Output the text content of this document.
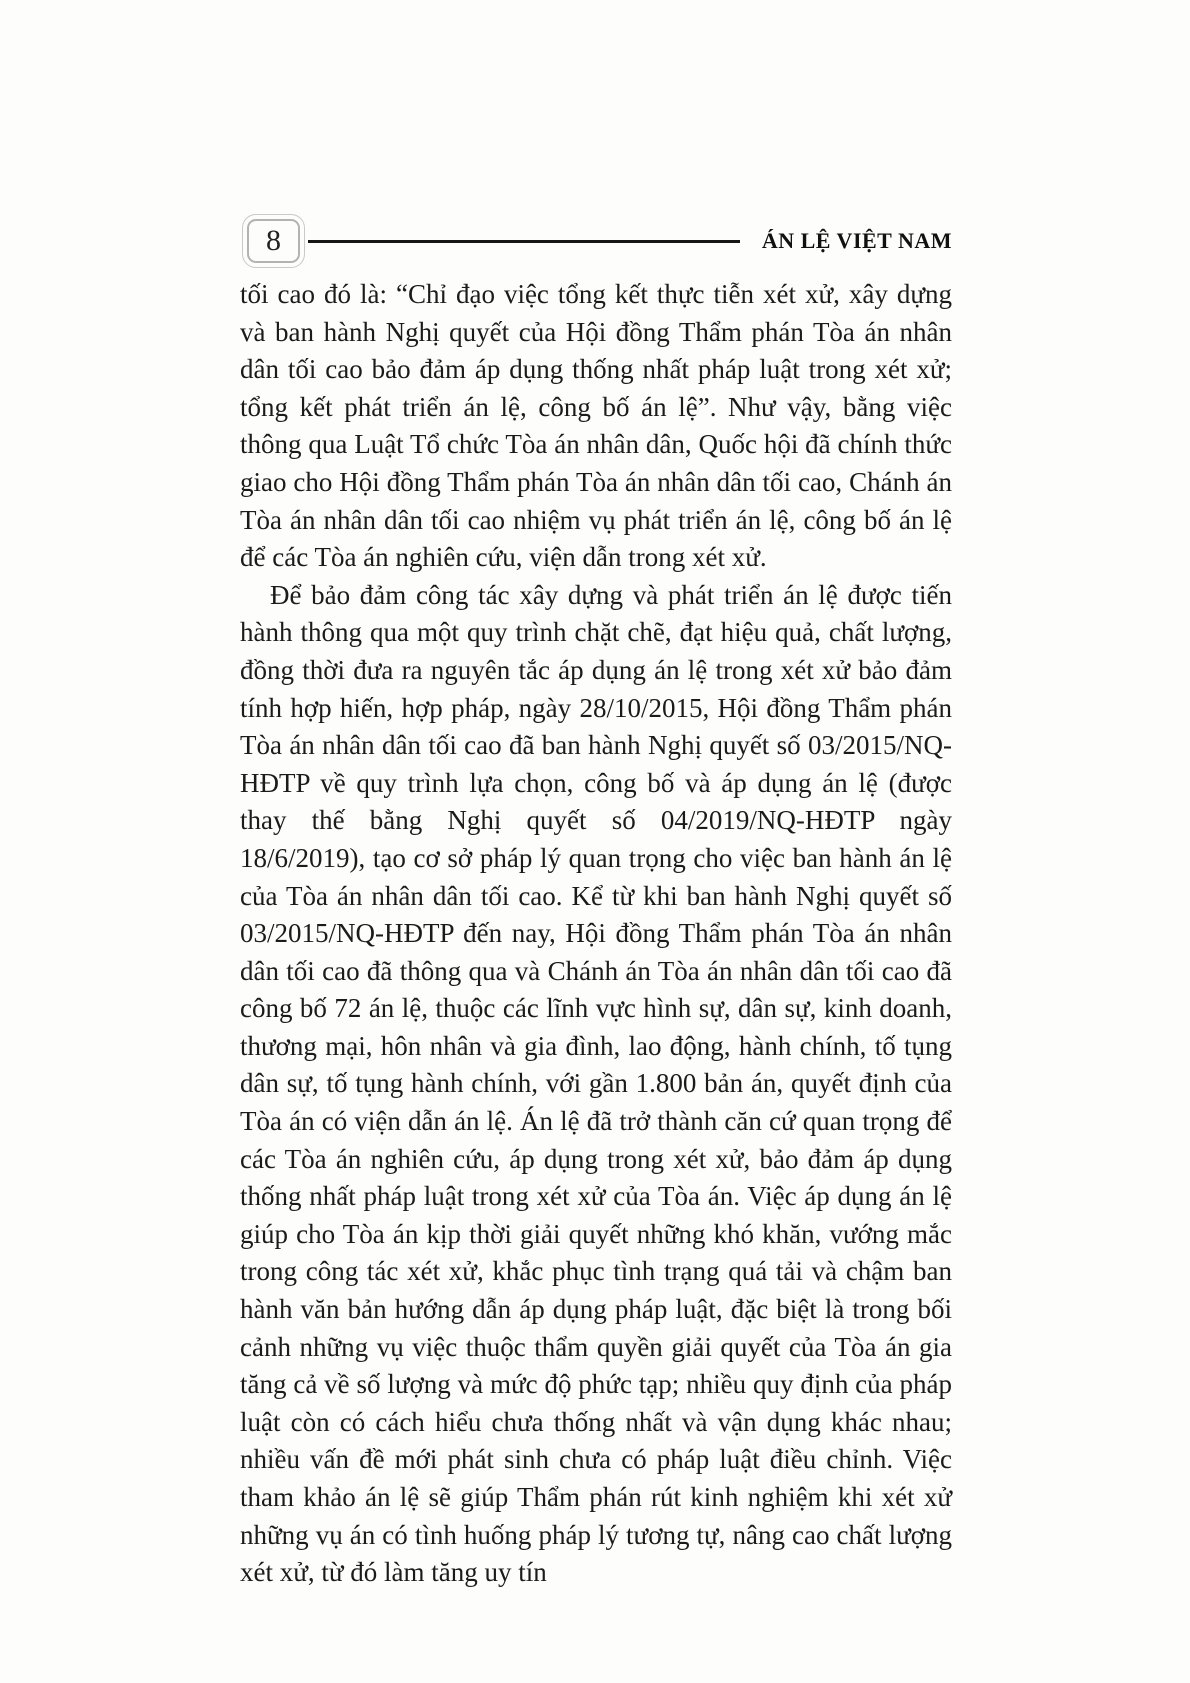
8	ÁN LỆ VIỆT NAM

tối cao đó là: “Chỉ đạo việc tổng kết thực tiễn xét xử, xây dựng và ban hành Nghị quyết của Hội đồng Thẩm phán Tòa án nhân dân tối cao bảo đảm áp dụng thống nhất pháp luật trong xét xử; tổng kết phát triển án lệ, công bố án lệ”. Như vậy, bằng việc thông qua Luật Tổ chức Tòa án nhân dân, Quốc hội đã chính thức giao cho Hội đồng Thẩm phán Tòa án nhân dân tối cao, Chánh án Tòa án nhân dân tối cao nhiệm vụ phát triển án lệ, công bố án lệ để các Tòa án nghiên cứu, viện dẫn trong xét xử.

Để bảo đảm công tác xây dựng và phát triển án lệ được tiến hành thông qua một quy trình chặt chẽ, đạt hiệu quả, chất lượng, đồng thời đưa ra nguyên tắc áp dụng án lệ trong xét xử bảo đảm tính hợp hiến, hợp pháp, ngày 28/10/2015, Hội đồng Thẩm phán Tòa án nhân dân tối cao đã ban hành Nghị quyết số 03/2015/NQ-HĐTP về quy trình lựa chọn, công bố và áp dụng án lệ (được thay thế bằng Nghị quyết số 04/2019/NQ-HĐTP ngày 18/6/2019), tạo cơ sở pháp lý quan trọng cho việc ban hành án lệ của Tòa án nhân dân tối cao. Kể từ khi ban hành Nghị quyết số 03/2015/NQ-HĐTP đến nay, Hội đồng Thẩm phán Tòa án nhân dân tối cao đã thông qua và Chánh án Tòa án nhân dân tối cao đã công bố 72 án lệ, thuộc các lĩnh vực hình sự, dân sự, kinh doanh, thương mại, hôn nhân và gia đình, lao động, hành chính, tố tụng dân sự, tố tụng hành chính, với gần 1.800 bản án, quyết định của Tòa án có viện dẫn án lệ. Án lệ đã trở thành căn cứ quan trọng để các Tòa án nghiên cứu, áp dụng trong xét xử, bảo đảm áp dụng thống nhất pháp luật trong xét xử của Tòa án. Việc áp dụng án lệ giúp cho Tòa án kịp thời giải quyết những khó khăn, vướng mắc trong công tác xét xử, khắc phục tình trạng quá tải và chậm ban hành văn bản hướng dẫn áp dụng pháp luật, đặc biệt là trong bối cảnh những vụ việc thuộc thẩm quyền giải quyết của Tòa án gia tăng cả về số lượng và mức độ phức tạp; nhiều quy định của pháp luật còn có cách hiểu chưa thống nhất và vận dụng khác nhau; nhiều vấn đề mới phát sinh chưa có pháp luật điều chỉnh. Việc tham khảo án lệ sẽ giúp Thẩm phán rút kinh nghiệm khi xét xử những vụ án có tình huống pháp lý tương tự, nâng cao chất lượng xét xử, từ đó làm tăng uy tín
